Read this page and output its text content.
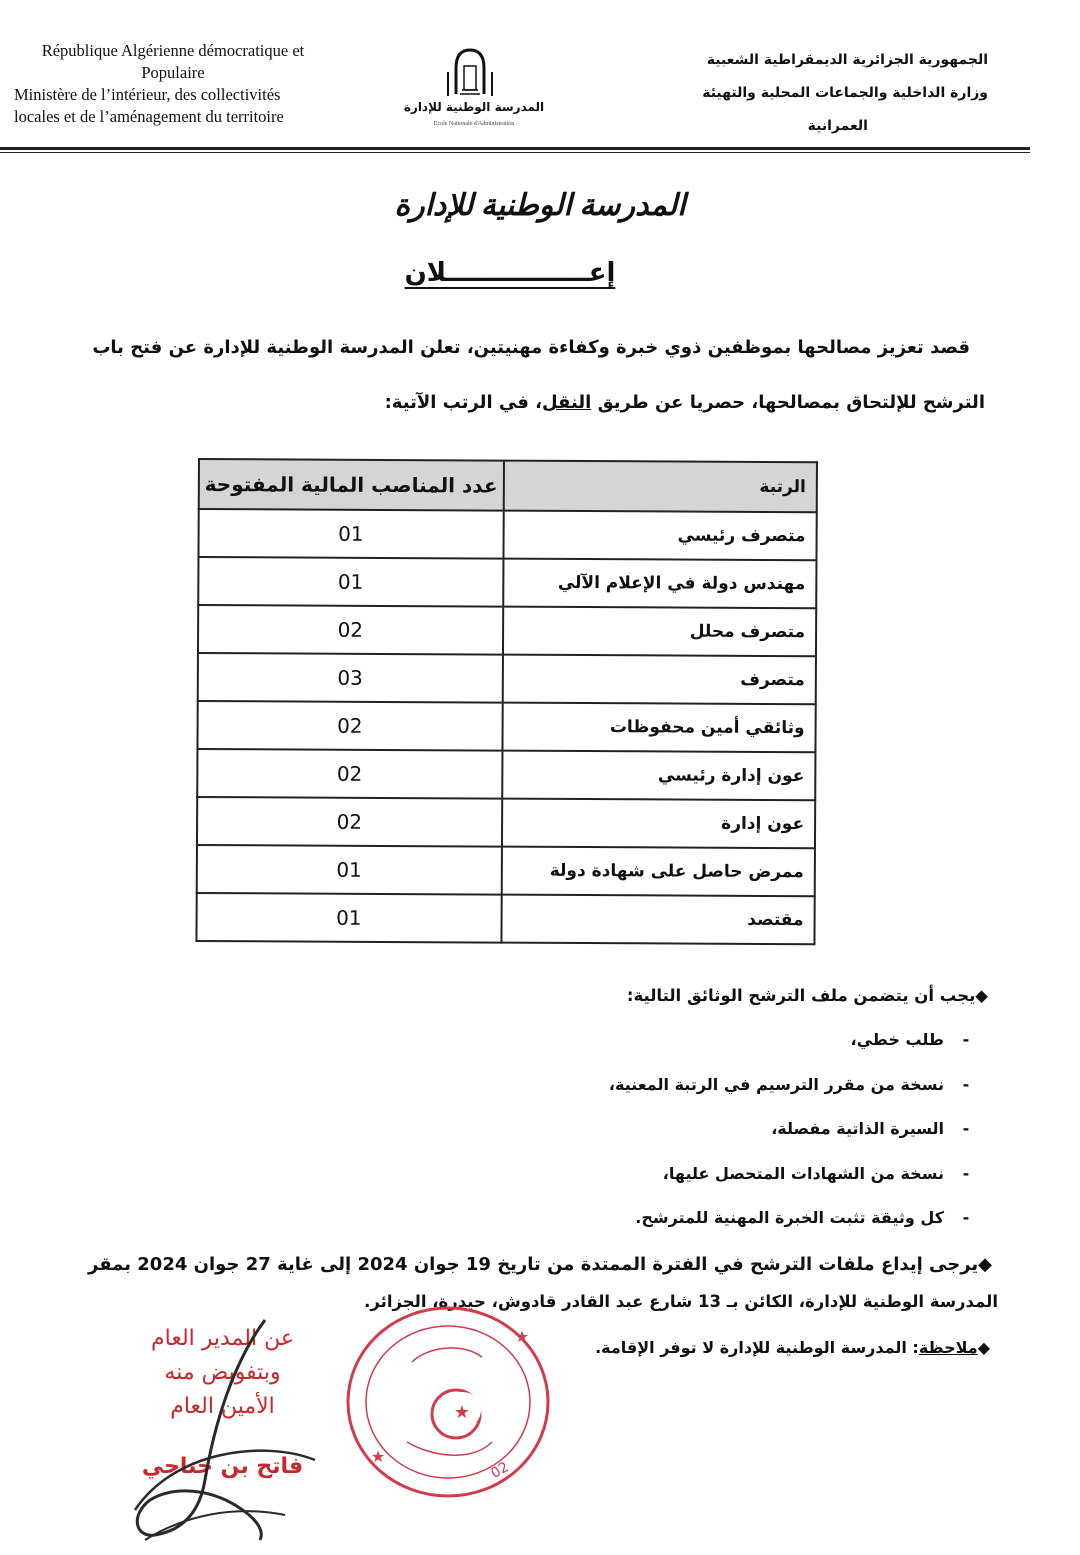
République Algérienne démocratique et
Populaire
Ministère de l’intérieur, des collectivités
locales et de l’aménagement du territoire	المدرسة الوطنية للإدارة
Ecole Nationale d'Administration
الجمهورية الجزائرية الديمقراطية الشعبية
وزارة الداخلية والجماعات المحلية والتهيئة
العمرانية
المدرسة الوطنية للإدارة
إعــــــــــــــــلان
قصد تعزيز مصالحها بموظفين ذوي خبرة وكفاءة مهنيتين، تعلن المدرسة الوطنية للإدارة عن فتح باب
الترشح للإلتحاق بمصالحها، حصريا عن طريق النقل، في الرتب الآتية:
الرتبة	عدد المناصب المالية المفتوحة
متصرف رئيسي	01
مهندس دولة في الإعلام الآلي	01
متصرف محلل	02
متصرف	03
وثائقي أمين محفوظات	02
عون إدارة رئيسي	02
عون إدارة	02
ممرض حاصل على شهادة دولة	01
مقتصد	01
◆يجب أن يتضمن ملف الترشح الوثائق التالية:
- طلب خطي،
- نسخة من مقرر الترسيم في الرتبة المعنية،
- السيرة الذاتية مفصلة،
- نسخة من الشهادات المتحصل عليها،
- كل وثيقة تثبت الخبرة المهنية للمترشح.
◆يرجى إيداع ملفات الترشح في الفترة الممتدة من تاريخ 19 جوان 2024 إلى غاية 27 جوان 2024 بمقر
المدرسة الوطنية للإدارة، الكائن بـ 13 شارع عبد القادر قادوش، حيدرة، الجزائر.
◆ملاحظة: المدرسة الوطنية للإدارة لا توفر الإقامة.
عن المدير العام
وبتفويض منه
الأمين العام
فاتح بن جناحي
★
★
★
02
